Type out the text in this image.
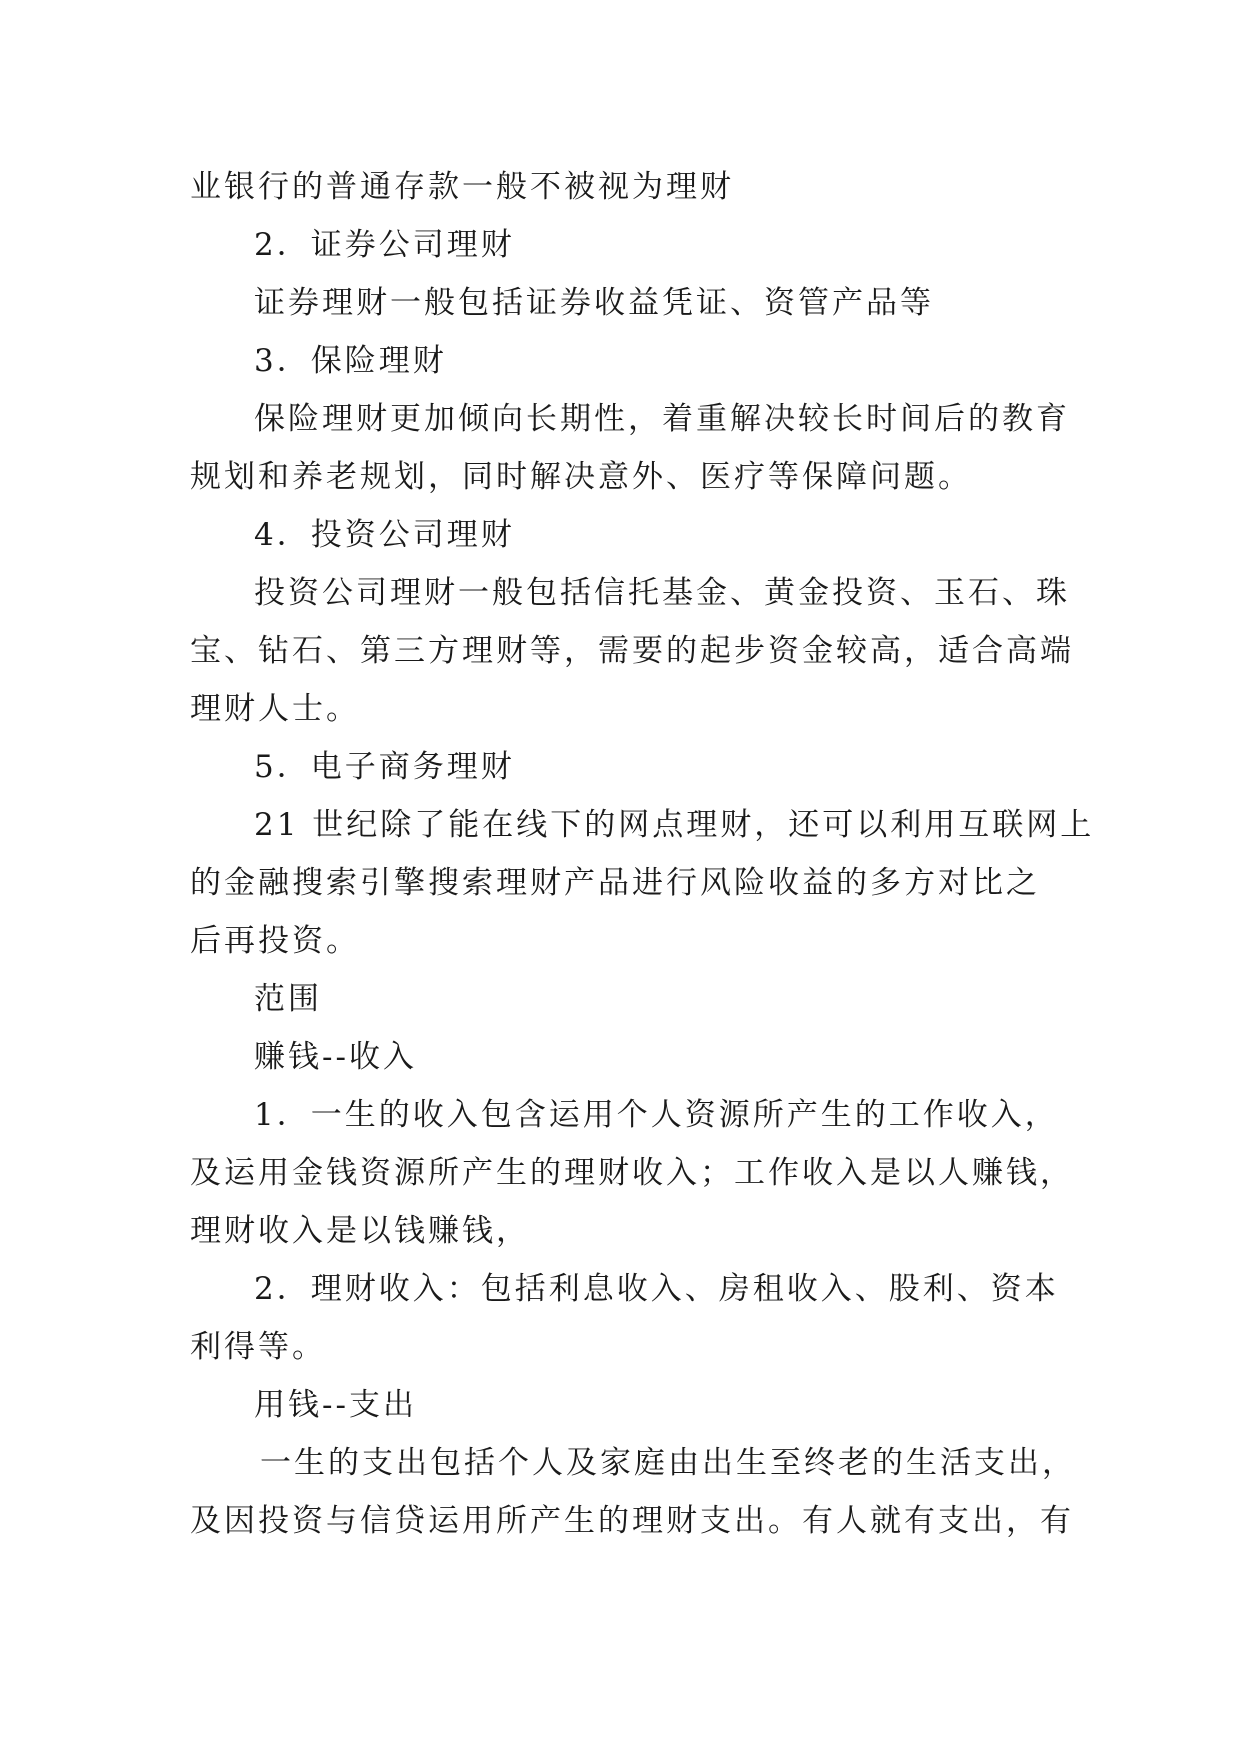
业银行的普通存款一般不被视为理财
2．证券公司理财
证券理财一般包括证券收益凭证、资管产品等
3．保险理财
保险理财更加倾向长期性，着重解决较长时间后的教育
规划和养老规划，同时解决意外、医疗等保障问题。
4．投资公司理财
投资公司理财一般包括信托基金、黄金投资、玉石、珠
宝、钻石、第三方理财等，需要的起步资金较高，适合高端
理财人士。
5．电子商务理财
21 世纪除了能在线下的网点理财，还可以利用互联网上
的金融搜索引擎搜索理财产品进行风险收益的多方对比之
后再投资。
范围
赚钱--收入
1．一生的收入包含运用个人资源所产生的工作收入，
及运用金钱资源所产生的理财收入；工作收入是以人赚钱，
理财收入是以钱赚钱，
2．理财收入：包括利息收入、房租收入、股利、资本
利得等。
用钱--支出
一生的支出包括个人及家庭由出生至终老的生活支出，
及因投资与信贷运用所产生的理财支出。有人就有支出，有
